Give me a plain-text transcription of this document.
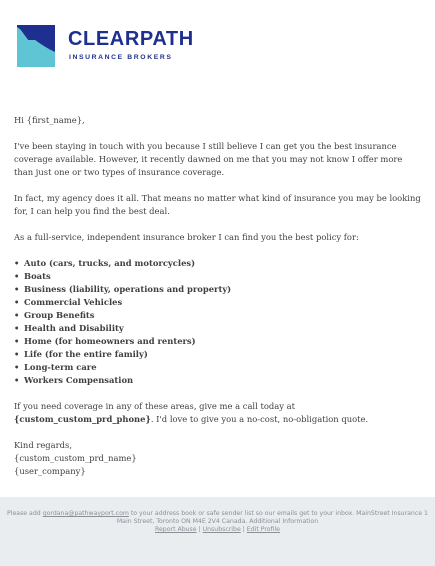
CLEARPATH
INSURANCE BROKERS

Hi {first_name},

I've been staying in touch with you because I still believe I can get you the best insurance coverage available. However, it recently dawned on me that you may not know I offer more than just one or two types of insurance coverage.

In fact, my agency does it all. That means no matter what kind of insurance you may be looking for, I can help you find the best deal.

As a full-service, independent insurance broker I can find you the best policy for:

• Auto (cars, trucks, and motorcycles)
• Boats
• Business (liability, operations and property)
• Commercial Vehicles
• Group Benefits
• Health and Disability
• Home (for homeowners and renters)
• Life (for the entire family)
• Long-term care
• Workers Compensation

If you need coverage in any of these areas, give me a call today at
{custom_custom_prd_phone}. I'd love to give you a no-cost, no-obligation quote.

Kind regards,

{custom_custom_prd_name}

{user_company}

Please add gordana@pathwayport.com to your address book or safe sender list so our emails get to your inbox. MainStreet Insurance 1 Main Street, Toronto ON M4E 2V4 Canada. Additional Information
Report Abuse | Unsubscribe | Edit Profile
